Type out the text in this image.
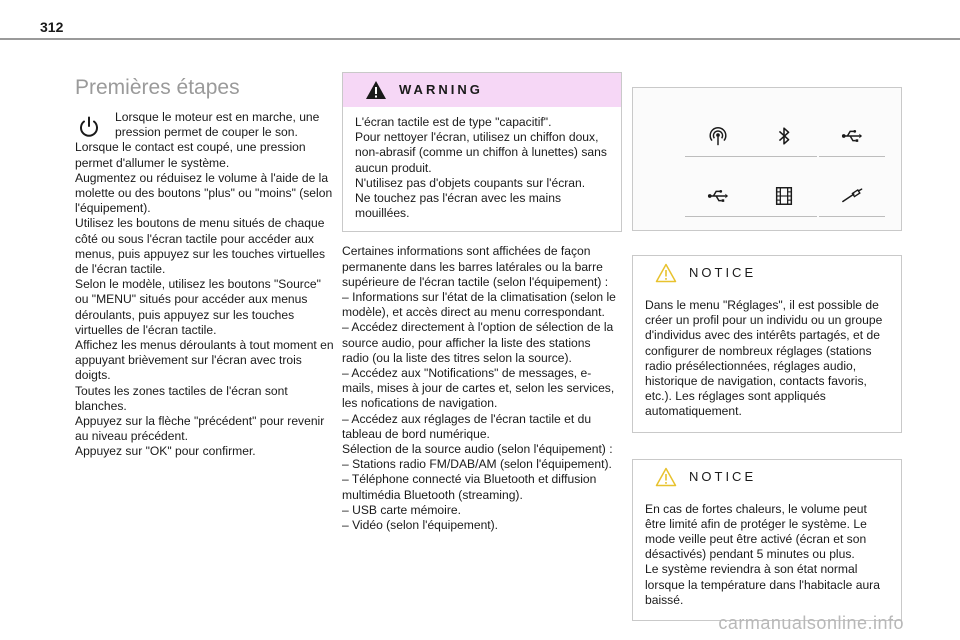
312
Premières étapes

Lorsque le moteur est en marche, une pression permet de couper le son.

Lorsque le contact est coupé, une pression permet d'allumer le système.
Augmentez ou réduisez le volume à l'aide de la molette ou des boutons "plus" ou "moins" (selon l'équipement).
Utilisez les boutons de menu situés de chaque côté ou sous l'écran tactile pour accéder aux menus, puis appuyez sur les touches virtuelles de l'écran tactile.
Selon le modèle, utilisez les boutons "Source" ou "MENU" situés pour accéder aux menus déroulants, puis appuyez sur les touches virtuelles de l'écran tactile.
Affichez les menus déroulants à tout moment en appuyant brièvement sur l'écran avec trois doigts.
Toutes les zones tactiles de l'écran sont blanches.
Appuyez sur la flèche "précédent" pour revenir au niveau précédent.
Appuyez sur "OK" pour confirmer.

WARNING
L'écran tactile est de type "capacitif".
Pour nettoyer l'écran, utilisez un chiffon doux, non-abrasif (comme un chiffon à lunettes) sans aucun produit.
N'utilisez pas d'objets coupants sur l'écran.
Ne touchez pas l'écran avec les mains mouillées.
Certaines informations sont affichées de façon permanente dans les barres latérales ou la barre supérieure de l'écran tactile (selon l'équipement) :
– Informations sur l'état de la climatisation (selon le modèle), et accès direct au menu correspondant.
– Accédez directement à l'option de sélection de la source audio, pour afficher la liste des stations radio (ou la liste des titres selon la source).
– Accédez aux "Notifications" de messages, e-mails, mises à jour de cartes et, selon les services, les nofications de navigation.
– Accédez aux réglages de l'écran tactile et du tableau de bord numérique.
Sélection de la source audio (selon l'équipement) :
– Stations radio FM/DAB/AM (selon l'équipement).
– Téléphone connecté via Bluetooth et diffusion multimédia Bluetooth (streaming).
– USB carte mémoire.
– Vidéo (selon l'équipement).
NOTICE
Dans le menu "Réglages", il est possible de créer un profil pour un individu ou un groupe d'individus avec des intérêts partagés, et de configurer de nombreux réglages (stations radio présélectionnées, réglages audio, historique de navigation, contacts favoris, etc.). Les réglages sont appliqués automatiquement.
NOTICE
En cas de fortes chaleurs, le volume peut être limité afin de protéger le système. Le mode veille peut être activé (écran et son désactivés) pendant 5 minutes ou plus.
Le système reviendra à son état normal lorsque la température dans l'habitacle aura baissé.
carmanualsonline.info
